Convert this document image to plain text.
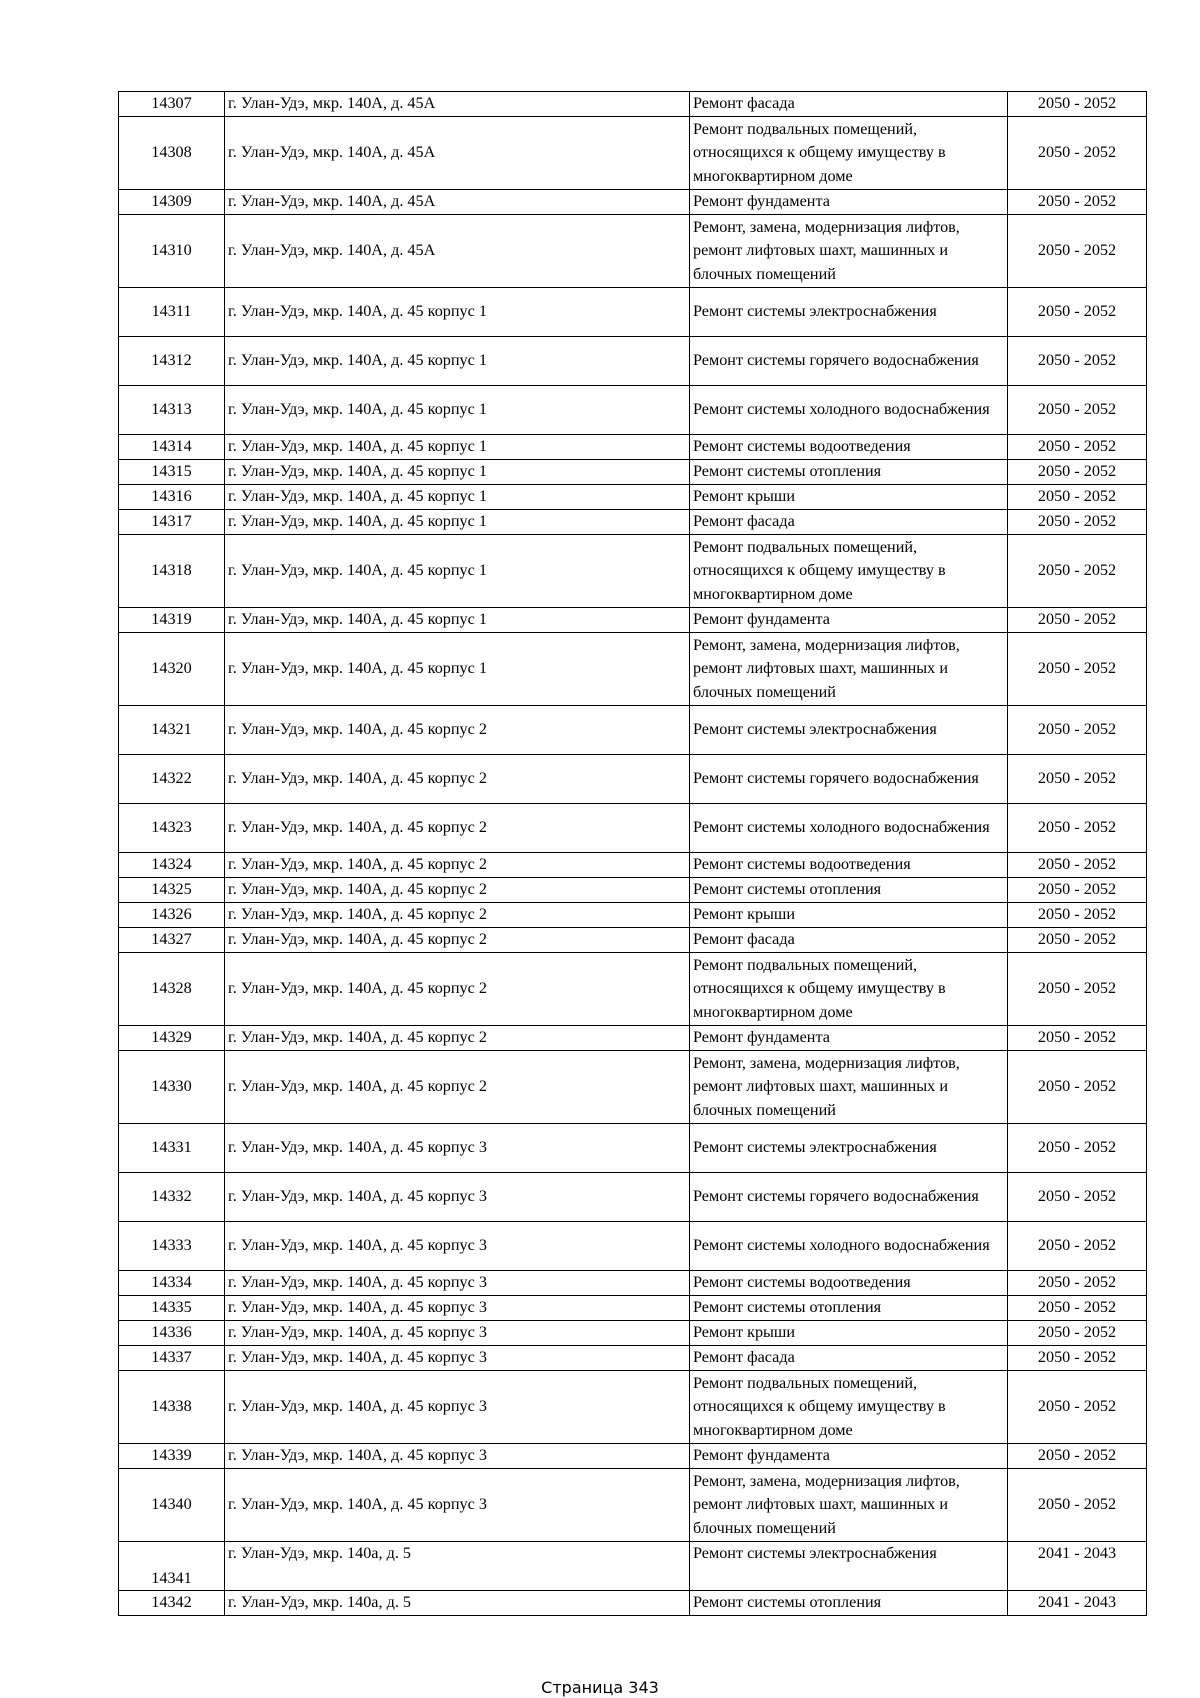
14307	г. Улан-Удэ, мкр. 140А, д. 45А	Ремонт фасада	2050 - 2052
14308	г. Улан-Удэ, мкр. 140А, д. 45А	Ремонт подвальных помещений, относящихся к общему имуществу в многоквартирном доме	2050 - 2052
14309	г. Улан-Удэ, мкр. 140А, д. 45А	Ремонт фундамента	2050 - 2052
14310	г. Улан-Удэ, мкр. 140А, д. 45А	Ремонт, замена, модернизация лифтов, ремонт лифтовых шахт, машинных и блочных помещений	2050 - 2052
14311	г. Улан-Удэ, мкр. 140А, д. 45 корпус 1	Ремонт системы электроснабжения	2050 - 2052
14312	г. Улан-Удэ, мкр. 140А, д. 45 корпус 1	Ремонт системы горячего водоснабжения	2050 - 2052
14313	г. Улан-Удэ, мкр. 140А, д. 45 корпус 1	Ремонт системы холодного водоснабжения	2050 - 2052
14314	г. Улан-Удэ, мкр. 140А, д. 45 корпус 1	Ремонт системы водоотведения	2050 - 2052
14315	г. Улан-Удэ, мкр. 140А, д. 45 корпус 1	Ремонт системы отопления	2050 - 2052
14316	г. Улан-Удэ, мкр. 140А, д. 45 корпус 1	Ремонт крыши	2050 - 2052
14317	г. Улан-Удэ, мкр. 140А, д. 45 корпус 1	Ремонт фасада	2050 - 2052
14318	г. Улан-Удэ, мкр. 140А, д. 45 корпус 1	Ремонт подвальных помещений, относящихся к общему имуществу в многоквартирном доме	2050 - 2052
14319	г. Улан-Удэ, мкр. 140А, д. 45 корпус 1	Ремонт фундамента	2050 - 2052
14320	г. Улан-Удэ, мкр. 140А, д. 45 корпус 1	Ремонт, замена, модернизация лифтов, ремонт лифтовых шахт, машинных и блочных помещений	2050 - 2052
14321	г. Улан-Удэ, мкр. 140А, д. 45 корпус 2	Ремонт системы электроснабжения	2050 - 2052
14322	г. Улан-Удэ, мкр. 140А, д. 45 корпус 2	Ремонт системы горячего водоснабжения	2050 - 2052
14323	г. Улан-Удэ, мкр. 140А, д. 45 корпус 2	Ремонт системы холодного водоснабжения	2050 - 2052
14324	г. Улан-Удэ, мкр. 140А, д. 45 корпус 2	Ремонт системы водоотведения	2050 - 2052
14325	г. Улан-Удэ, мкр. 140А, д. 45 корпус 2	Ремонт системы отопления	2050 - 2052
14326	г. Улан-Удэ, мкр. 140А, д. 45 корпус 2	Ремонт крыши	2050 - 2052
14327	г. Улан-Удэ, мкр. 140А, д. 45 корпус 2	Ремонт фасада	2050 - 2052
14328	г. Улан-Удэ, мкр. 140А, д. 45 корпус 2	Ремонт подвальных помещений, относящихся к общему имуществу в многоквартирном доме	2050 - 2052
14329	г. Улан-Удэ, мкр. 140А, д. 45 корпус 2	Ремонт фундамента	2050 - 2052
14330	г. Улан-Удэ, мкр. 140А, д. 45 корпус 2	Ремонт, замена, модернизация лифтов, ремонт лифтовых шахт, машинных и блочных помещений	2050 - 2052
14331	г. Улан-Удэ, мкр. 140А, д. 45 корпус 3	Ремонт системы электроснабжения	2050 - 2052
14332	г. Улан-Удэ, мкр. 140А, д. 45 корпус 3	Ремонт системы горячего водоснабжения	2050 - 2052
14333	г. Улан-Удэ, мкр. 140А, д. 45 корпус 3	Ремонт системы холодного водоснабжения	2050 - 2052
14334	г. Улан-Удэ, мкр. 140А, д. 45 корпус 3	Ремонт системы водоотведения	2050 - 2052
14335	г. Улан-Удэ, мкр. 140А, д. 45 корпус 3	Ремонт системы отопления	2050 - 2052
14336	г. Улан-Удэ, мкр. 140А, д. 45 корпус 3	Ремонт крыши	2050 - 2052
14337	г. Улан-Удэ, мкр. 140А, д. 45 корпус 3	Ремонт фасада	2050 - 2052
14338	г. Улан-Удэ, мкр. 140А, д. 45 корпус 3	Ремонт подвальных помещений, относящихся к общему имуществу в многоквартирном доме	2050 - 2052
14339	г. Улан-Удэ, мкр. 140А, д. 45 корпус 3	Ремонт фундамента	2050 - 2052
14340	г. Улан-Удэ, мкр. 140А, д. 45 корпус 3	Ремонт, замена, модернизация лифтов, ремонт лифтовых шахт, машинных и блочных помещений	2050 - 2052
14341	г. Улан-Удэ, мкр. 140а, д. 5	Ремонт системы электроснабжения	2041 - 2043
14342	г. Улан-Удэ, мкр. 140а, д. 5	Ремонт системы отопления	2041 - 2043
Страница 343
